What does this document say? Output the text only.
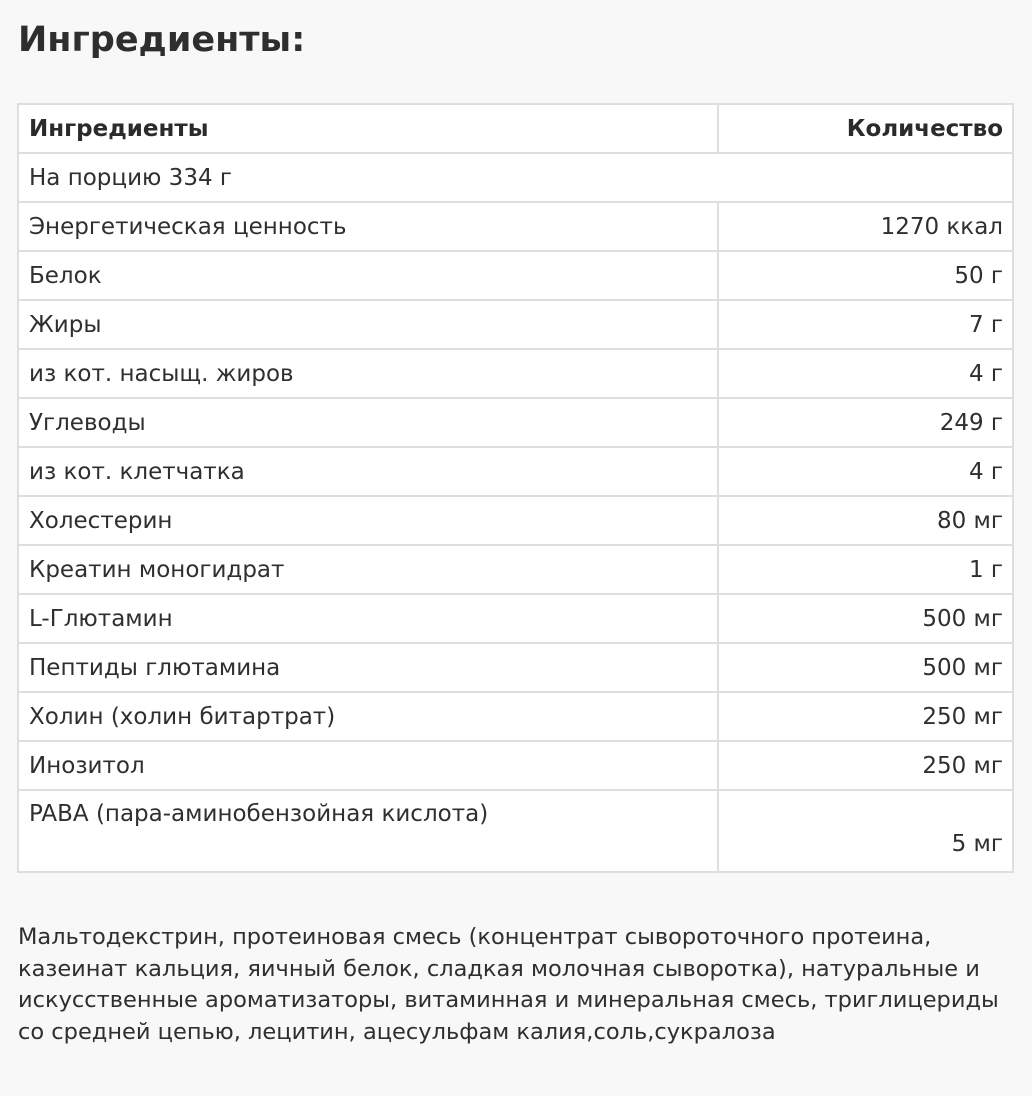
Ингредиенты:
Ингредиенты	Количество
На порцию 334 г	
Энергетическая ценность	1270 ккал
Белок	50 г
Жиры	7 г
из кот. насыщ. жиров	4 г
Углеводы	249 г
из кот. клетчатка	4 г
Холестерин	80 мг
Креатин моногидрат	1 г
L-Глютамин	500 мг
Пептиды глютамина	500 мг
Холин (холин битартрат)	250 мг
Инозитол	250 мг
PABA (пара-аминобензойная кислота)	5 мг

Мальтодекстрин, протеиновая смесь (концентрат сывороточного протеина, казеинат кальция, яичный белок, сладкая молочная сыворотка), натуральные и искусственные ароматизаторы, витаминная и минеральная смесь, триглицериды со средней цепью, лецитин, ацесульфам калия,соль,сукралоза
